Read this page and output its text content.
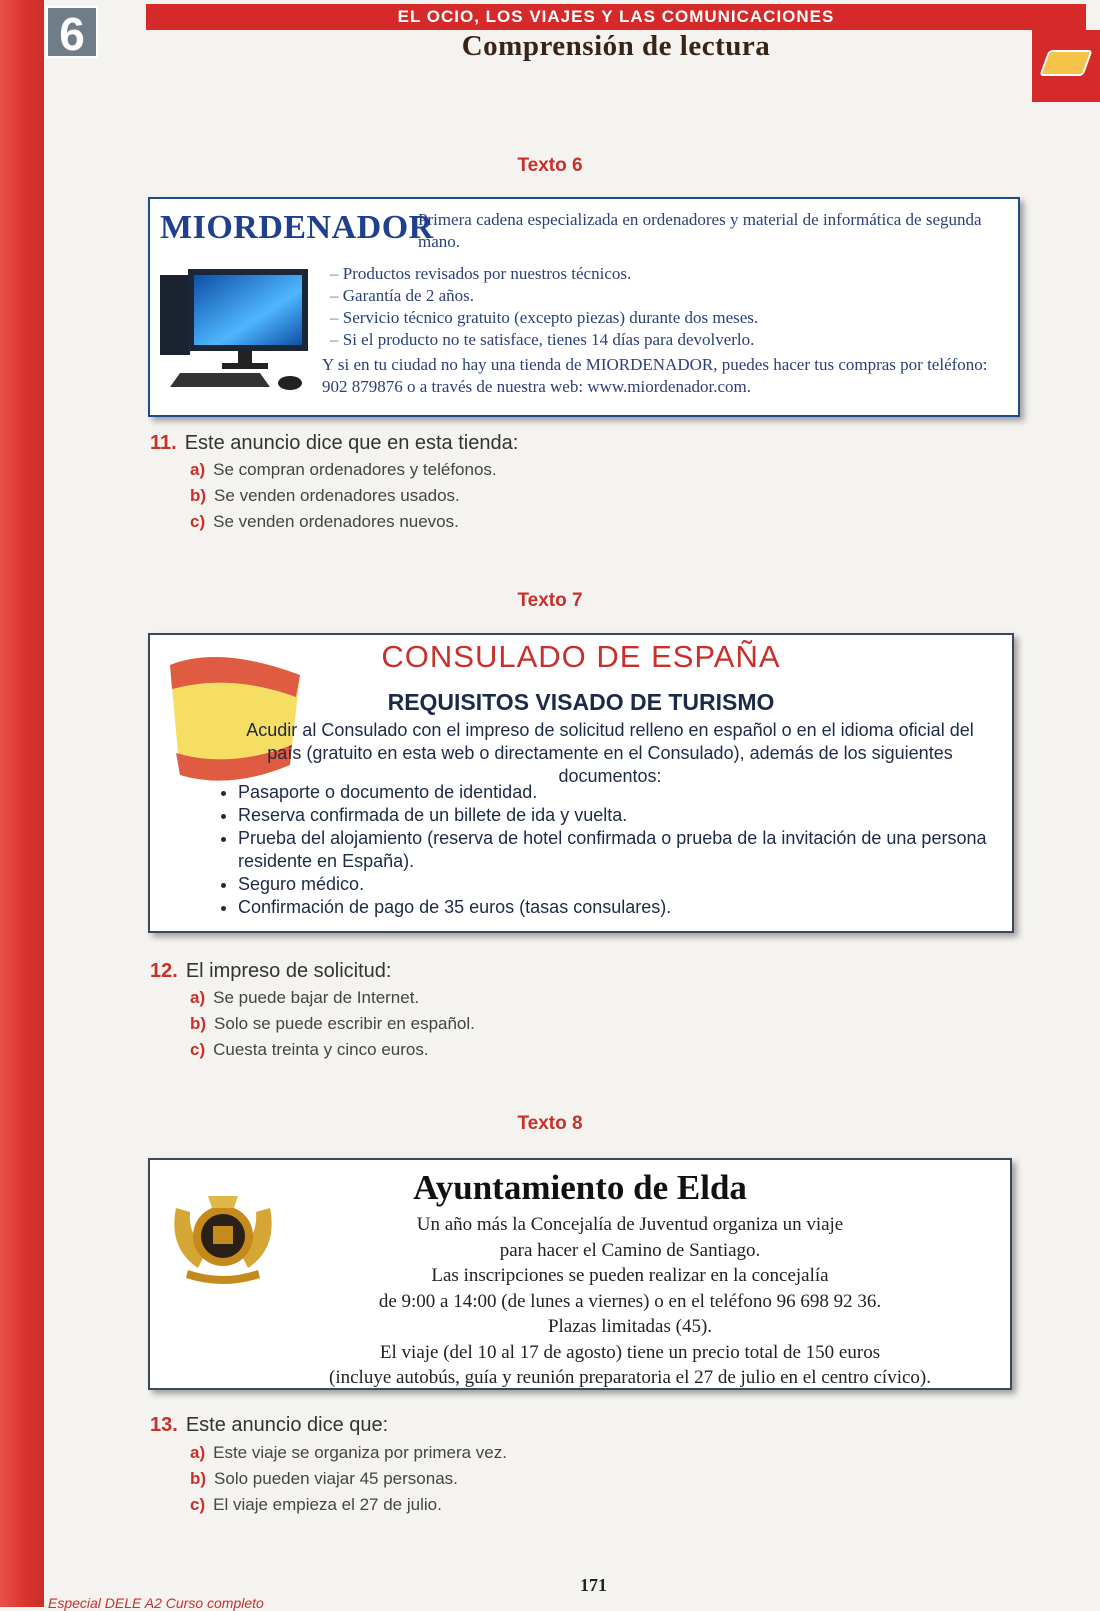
6	EL OCIO, LOS VIAJES Y LAS COMUNICACIONES
Comprensión de lectura
Texto 6
MIORDENADOR
Primera cadena especializada en ordenadores y material de informática de segunda mano.
– Productos revisados por nuestros técnicos.
– Garantía de 2 años.
– Servicio técnico gratuito (excepto piezas) durante dos meses.
– Si el producto no te satisface, tienes 14 días para devolverlo.
Y si en tu ciudad no hay una tienda de MIORDENADOR, puedes hacer tus compras por teléfono: 902 879876 o a través de nuestra web: www.miordenador.com.
11. Este anuncio dice que en esta tienda:
a) Se compran ordenadores y teléfonos.
b) Se venden ordenadores usados.
c) Se venden ordenadores nuevos.
Texto 7
CONSULADO DE ESPAÑA
REQUISITOS VISADO DE TURISMO
Acudir al Consulado con el impreso de solicitud relleno en español o en el idioma oficial del país (gratuito en esta web o directamente en el Consulado), además de los siguientes documentos:
• Pasaporte o documento de identidad.
• Reserva confirmada de un billete de ida y vuelta.
• Prueba del alojamiento (reserva de hotel confirmada o prueba de la invitación de una persona residente en España).
• Seguro médico.
• Confirmación de pago de 35 euros (tasas consulares).
12. El impreso de solicitud:
a) Se puede bajar de Internet.
b) Solo se puede escribir en español.
c) Cuesta treinta y cinco euros.
Texto 8
Ayuntamiento de Elda
Un año más la Concejalía de Juventud organiza un viaje
para hacer el Camino de Santiago.
Las inscripciones se pueden realizar en la concejalía
de 9:00 a 14:00 (de lunes a viernes) o en el teléfono 96 698 92 36.
Plazas limitadas (45).
El viaje (del 10 al 17 de agosto) tiene un precio total de 150 euros
(incluye autobús, guía y reunión preparatoria el 27 de julio en el centro cívico).
13. Este anuncio dice que:
a) Este viaje se organiza por primera vez.
b) Solo pueden viajar 45 personas.
c) El viaje empieza el 27 de julio.
171
Especial DELE A2 Curso completo
